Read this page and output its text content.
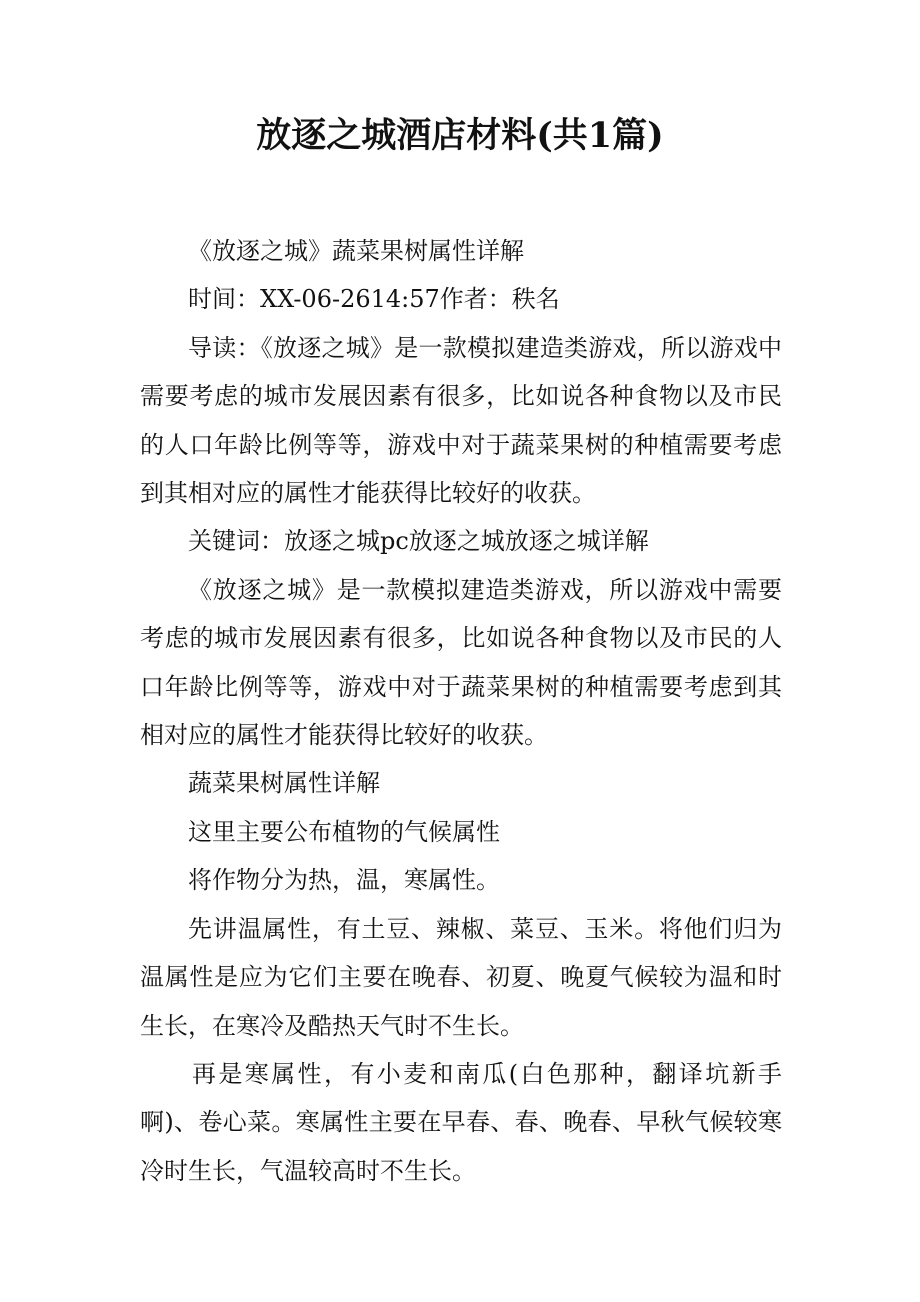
放逐之城酒店材料(共1篇)

《放逐之城》蔬菜果树属性详解

时间：XX-06-2614:57作者：秩名

导读：《放逐之城》是一款模拟建造类游戏，所以游戏中需要考虑的城市发展因素有很多，比如说各种食物以及市民的人口年龄比例等等，游戏中对于蔬菜果树的种植需要考虑到其相对应的属性才能获得比较好的收获。

关键词：放逐之城pc放逐之城放逐之城详解

《放逐之城》是一款模拟建造类游戏，所以游戏中需要考虑的城市发展因素有很多，比如说各种食物以及市民的人口年龄比例等等，游戏中对于蔬菜果树的种植需要考虑到其相对应的属性才能获得比较好的收获。

蔬菜果树属性详解

这里主要公布植物的气候属性

将作物分为热，温，寒属性。

先讲温属性，有土豆、辣椒、菜豆、玉米。将他们归为温属性是应为它们主要在晚春、初夏、晚夏气候较为温和时生长，在寒冷及酷热天气时不生长。

再是寒属性，有小麦和南瓜(白色那种，翻译坑新手啊)、卷心菜。寒属性主要在早春、春、晚春、早秋气候较寒冷时生长，气温较高时不生长。
